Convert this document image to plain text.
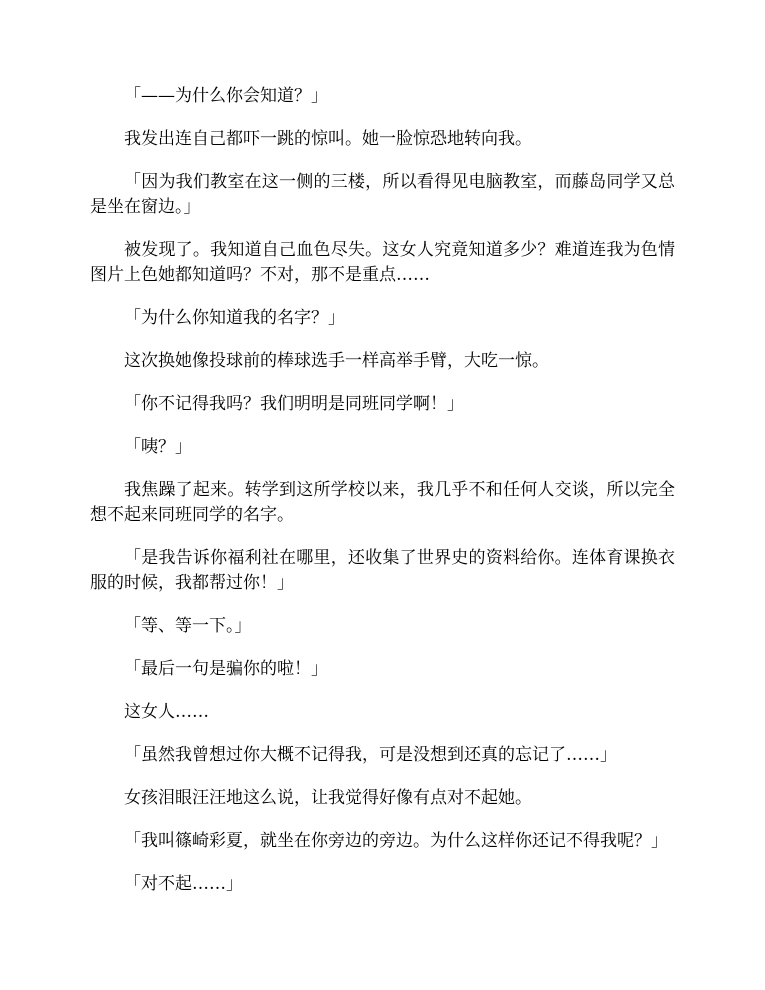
「——为什么你会知道？」

我发出连自己都吓一跳的惊叫。她一脸惊恐地转向我。

「因为我们教室在这一侧的三楼，所以看得见电脑教室，而藤岛同学又总是坐在窗边。」

被发现了。我知道自己血色尽失。这女人究竟知道多少？难道连我为色情图片上色她都知道吗？不对，那不是重点……

「为什么你知道我的名字？」

这次换她像投球前的棒球选手一样高举手臂，大吃一惊。

「你不记得我吗？我们明明是同班同学啊！」

「咦？」

我焦躁了起来。转学到这所学校以来，我几乎不和任何人交谈，所以完全想不起来同班同学的名字。

「是我告诉你福利社在哪里，还收集了世界史的资料给你。连体育课换衣服的时候，我都帮过你！」

「等、等一下。」

「最后一句是骗你的啦！」

这女人……

「虽然我曾想过你大概不记得我，可是没想到还真的忘记了……」

女孩泪眼汪汪地这么说，让我觉得好像有点对不起她。

「我叫篠崎彩夏，就坐在你旁边的旁边。为什么这样你还记不得我呢？」

「对不起……」
